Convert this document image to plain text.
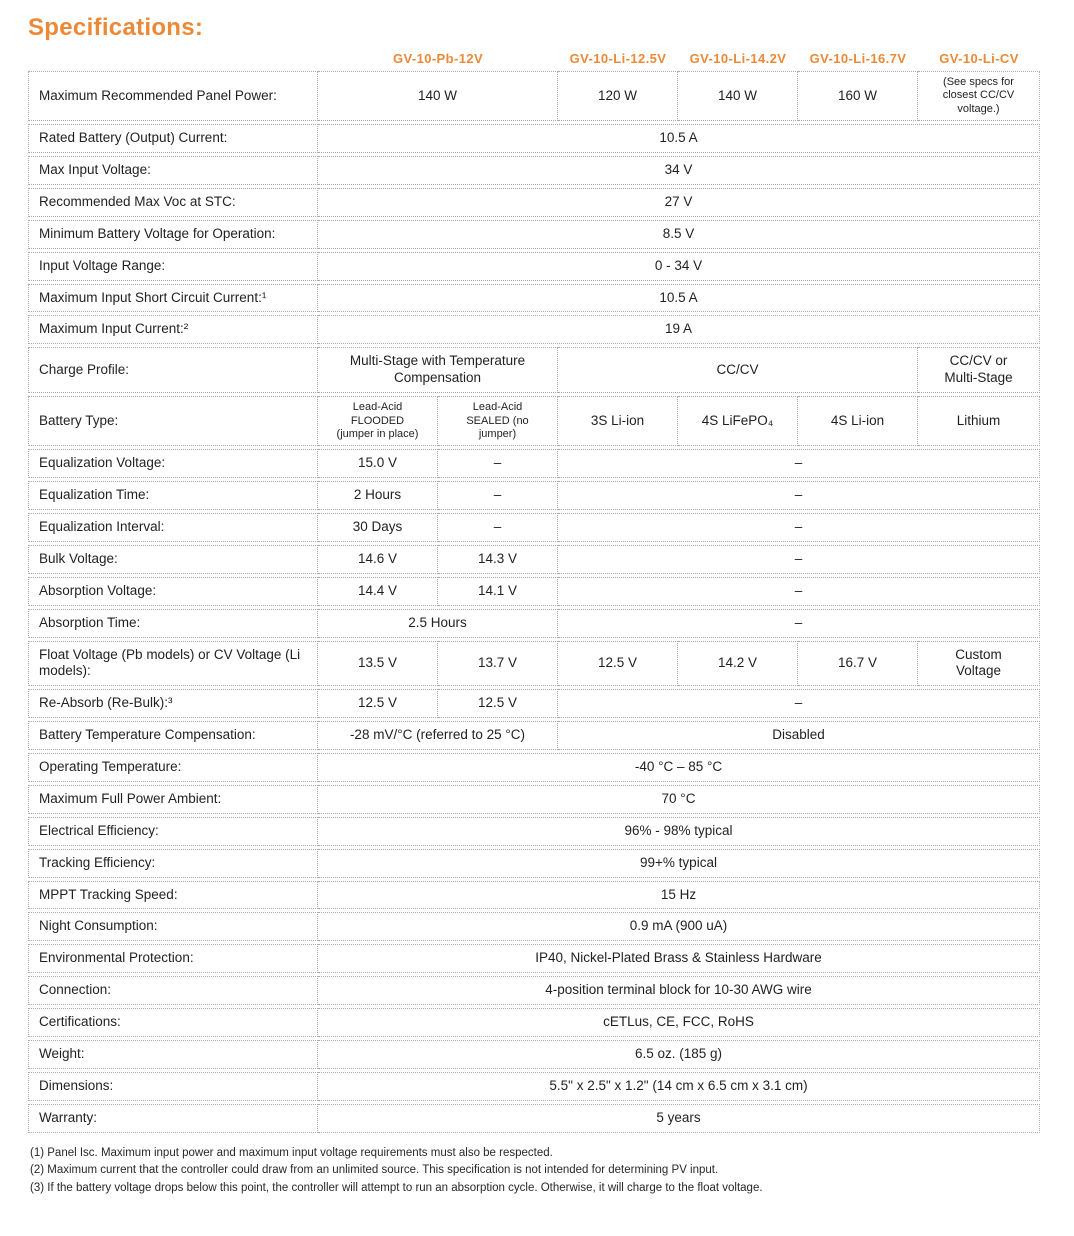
Specifications:
	GV-10-Pb-12V		GV-10-Li-12.5V	GV-10-Li-14.2V	GV-10-Li-16.7V	GV-10-Li-CV
Maximum Recommended Panel Power:	140 W		120 W	140 W	160 W	(See specs for closest CC/CV voltage.)
Rated Battery (Output) Current:	10.5 A					
Max Input Voltage:	34 V					
Recommended Max Voc at STC:	27 V					
Minimum Battery Voltage for Operation:	8.5 V					
Input Voltage Range:	0 - 34 V					
Maximum Input Short Circuit Current:¹	10.5 A					
Maximum Input Current:²	19 A					
Charge Profile:	Multi-Stage with Temperature Compensation		CC/CV			CC/CV or Multi-Stage
Battery Type:	Lead-Acid FLOODED (jumper in place)	Lead-Acid SEALED (no jumper)	3S Li-ion	4S LiFePO₄	4S Li-ion	Lithium
Equalization Voltage:	15.0 V	–	–			
Equalization Time:	2 Hours	–	–			
Equalization Interval:	30 Days	–	–			
Bulk Voltage:	14.6 V	14.3 V	–			
Absorption Voltage:	14.4 V	14.1 V	–			
Absorption Time:	2.5 Hours		–			
Float Voltage (Pb models) or CV Voltage (Li models):	13.5 V	13.7 V	12.5 V	14.2 V	16.7 V	Custom Voltage
Re-Absorb (Re-Bulk):³	12.5 V	12.5 V	–			
Battery Temperature Compensation:	-28 mV/°C (referred to 25 °C)		Disabled			
Operating Temperature:	-40 °C – 85 °C					
Maximum Full Power Ambient:	70 °C					
Electrical Efficiency:	96% - 98% typical					
Tracking Efficiency:	99+% typical					
MPPT Tracking Speed:	15 Hz					
Night Consumption:	0.9 mA (900 uA)					
Environmental Protection:	IP40, Nickel-Plated Brass & Stainless Hardware					
Connection:	4-position terminal block for 10-30 AWG wire					
Certifications:	cETLus, CE, FCC, RoHS					
Weight:	6.5 oz. (185 g)					
Dimensions:	5.5" x 2.5" x 1.2" (14 cm x 6.5 cm x 3.1 cm)					
Warranty:	5 years					

(1) Panel Isc. Maximum input power and maximum input voltage requirements must also be respected.

(2) Maximum current that the controller could draw from an unlimited source. This specification is not intended for determining PV input.

(3) If the battery voltage drops below this point, the controller will attempt to run an absorption cycle. Otherwise, it will charge to the float voltage.
